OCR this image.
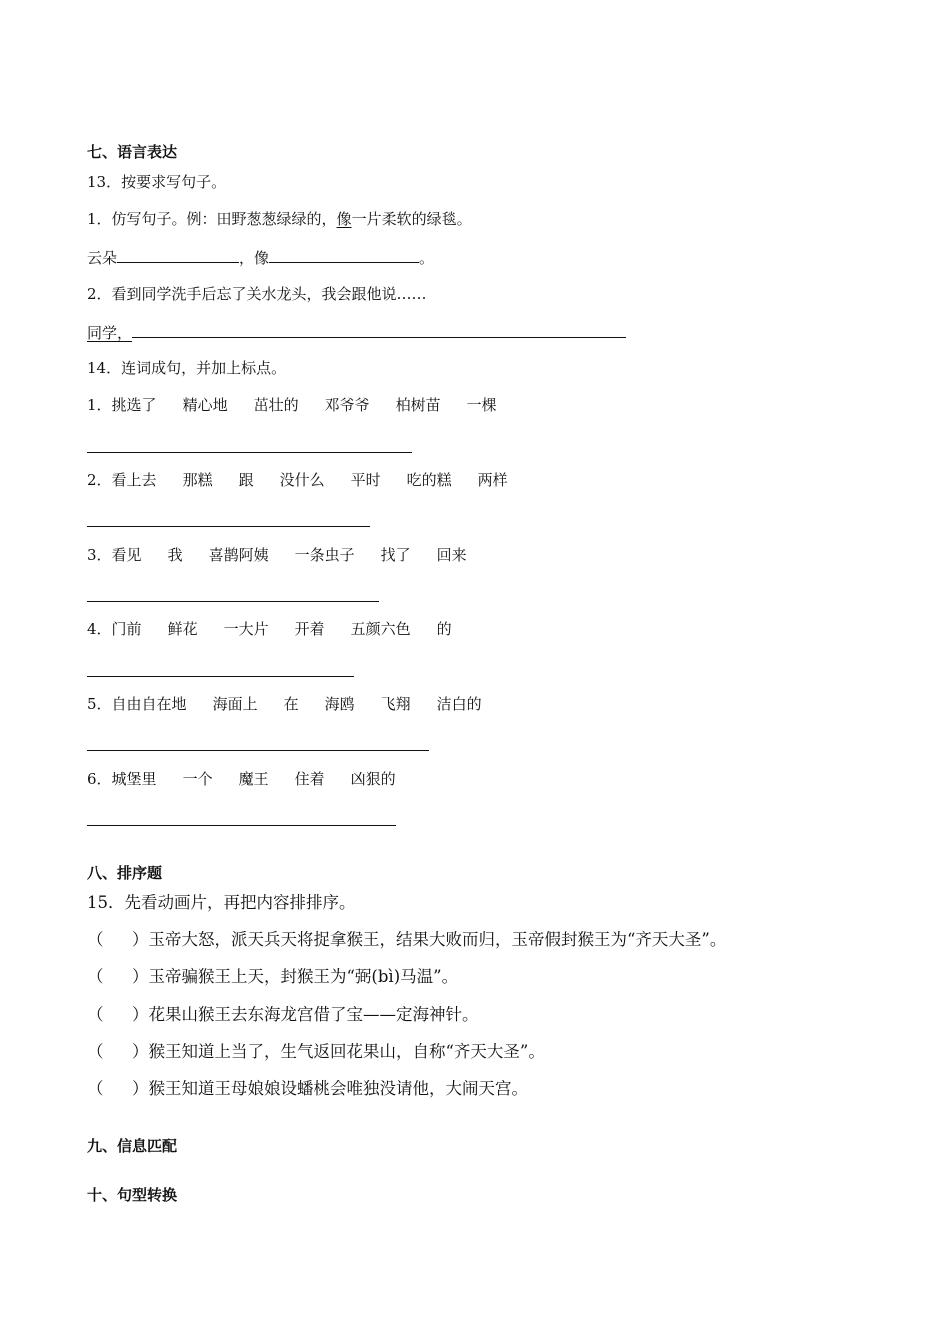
七、语言表达
13．按要求写句子。
1．仿写句子。例：田野葱葱绿绿的，像一片柔软的绿毯。
云朵	，像	。
2．看到同学洗手后忘了关水龙头，我会跟他说……
同学，
14．连词成句，并加上标点。
1．挑选了 精心地 茁壮的 邓爷爷 柏树苗 一棵
2．看上去 那糕 跟 没什么 平时 吃的糕 两样
3．看见 我 喜鹊阿姨 一条虫子 找了 回来
4．门前 鲜花 一大片 开着 五颜六色 的
5．自由自在地 海面上 在 海鸥 飞翔 洁白的
6．城堡里 一个 魔王 住着 凶狠的
八、排序题
15．先看动画片，再把内容排排序。
（ ）玉帝大怒，派天兵天将捉拿猴王，结果大败而归，玉帝假封猴王为“齐天大圣”。
（ ）玉帝骗猴王上天，封猴王为“弼(bì)马温”。
（ ）花果山猴王去东海龙宫借了宝——定海神针。
（ ）猴王知道上当了，生气返回花果山，自称“齐天大圣”。
（ ）猴王知道王母娘娘设蟠桃会唯独没请他，大闹天宫。
九、信息匹配
十、句型转换
